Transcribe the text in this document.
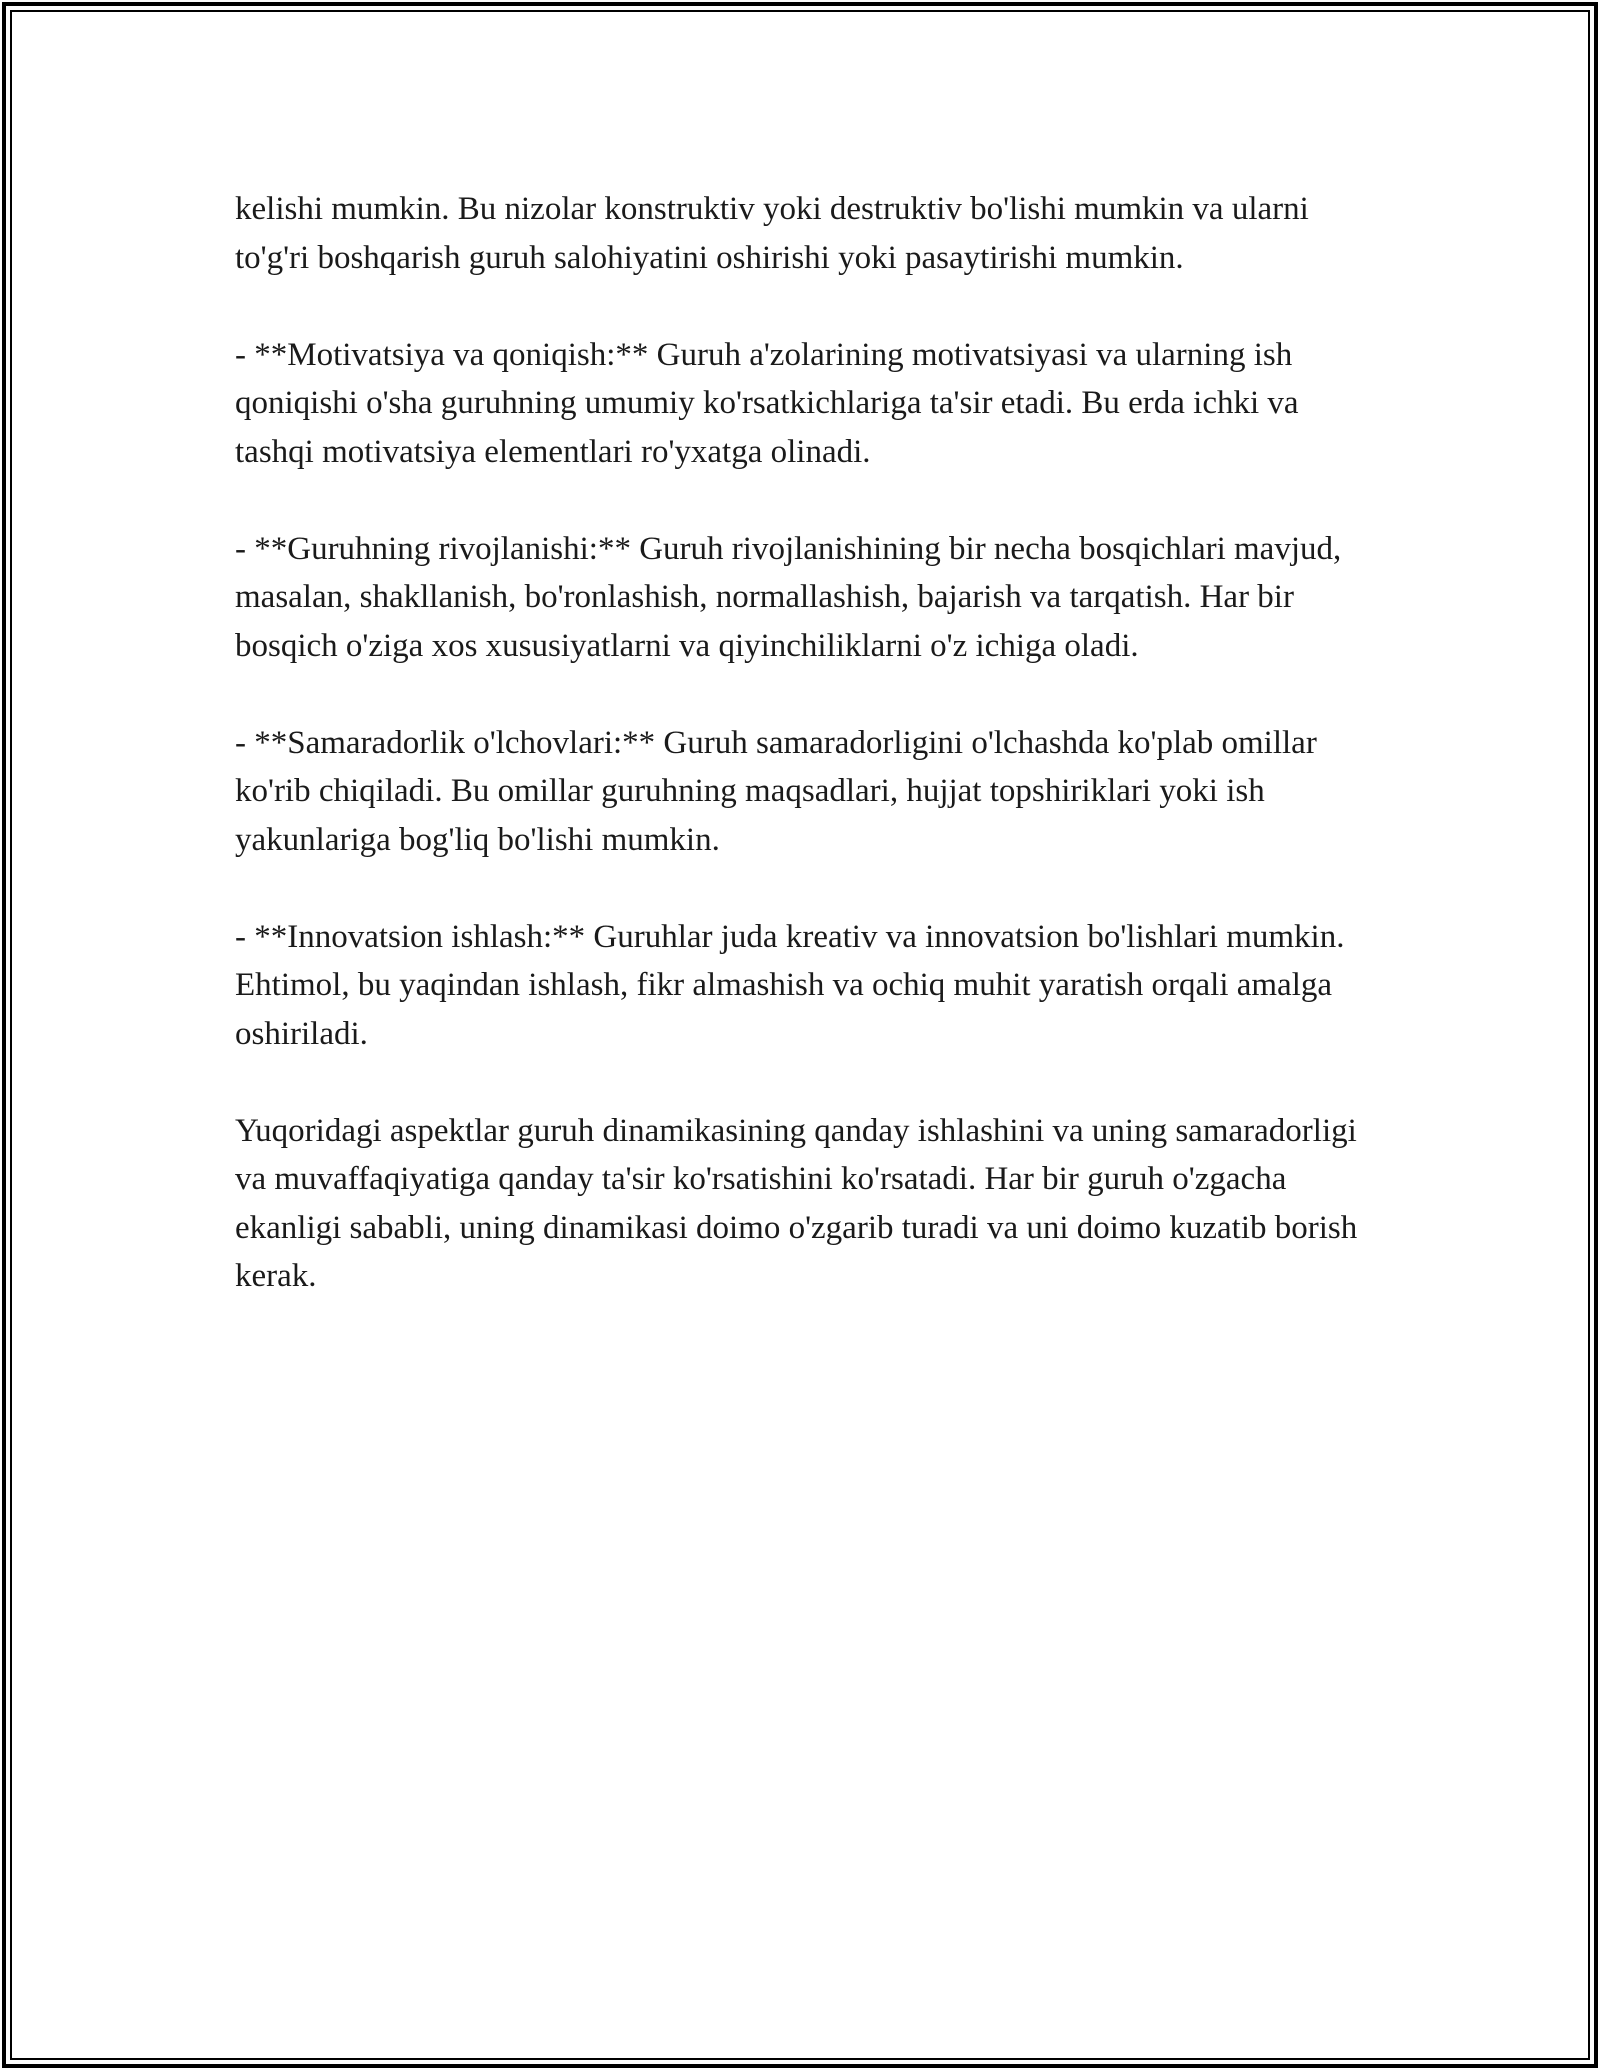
kelishi mumkin. Bu nizolar konstruktiv yoki destruktiv bo'lishi mumkin va ularni to'g'ri boshqarish guruh salohiyatini oshirishi yoki pasaytirishi mumkin.

- **Motivatsiya va qoniqish:** Guruh a'zolarining motivatsiyasi va ularning ish qoniqishi o'sha guruhning umumiy ko'rsatkichlariga ta'sir etadi. Bu erda ichki va tashqi motivatsiya elementlari ro'yxatga olinadi.

- **Guruhning rivojlanishi:** Guruh rivojlanishining bir necha bosqichlari mavjud, masalan, shakllanish, bo'ronlashish, normallashish, bajarish va tarqatish. Har bir bosqich o'ziga xos xususiyatlarni va qiyinchiliklarni o'z ichiga oladi.

- **Samaradorlik o'lchovlari:** Guruh samaradorligini o'lchashda ko'plab omillar ko'rib chiqiladi. Bu omillar guruhning maqsadlari, hujjat topshiriklari yoki ish yakunlariga bog'liq bo'lishi mumkin.

- **Innovatsion ishlash:** Guruhlar juda kreativ va innovatsion bo'lishlari mumkin. Ehtimol, bu yaqindan ishlash, fikr almashish va ochiq muhit yaratish orqali amalga oshiriladi.

Yuqoridagi aspektlar guruh dinamikasining qanday ishlashini va uning samaradorligi va muvaffaqiyatiga qanday ta'sir ko'rsatishini ko'rsatadi. Har bir guruh o'zgacha ekanligi sababli, uning dinamikasi doimo o'zgarib turadi va uni doimo kuzatib borish kerak.
